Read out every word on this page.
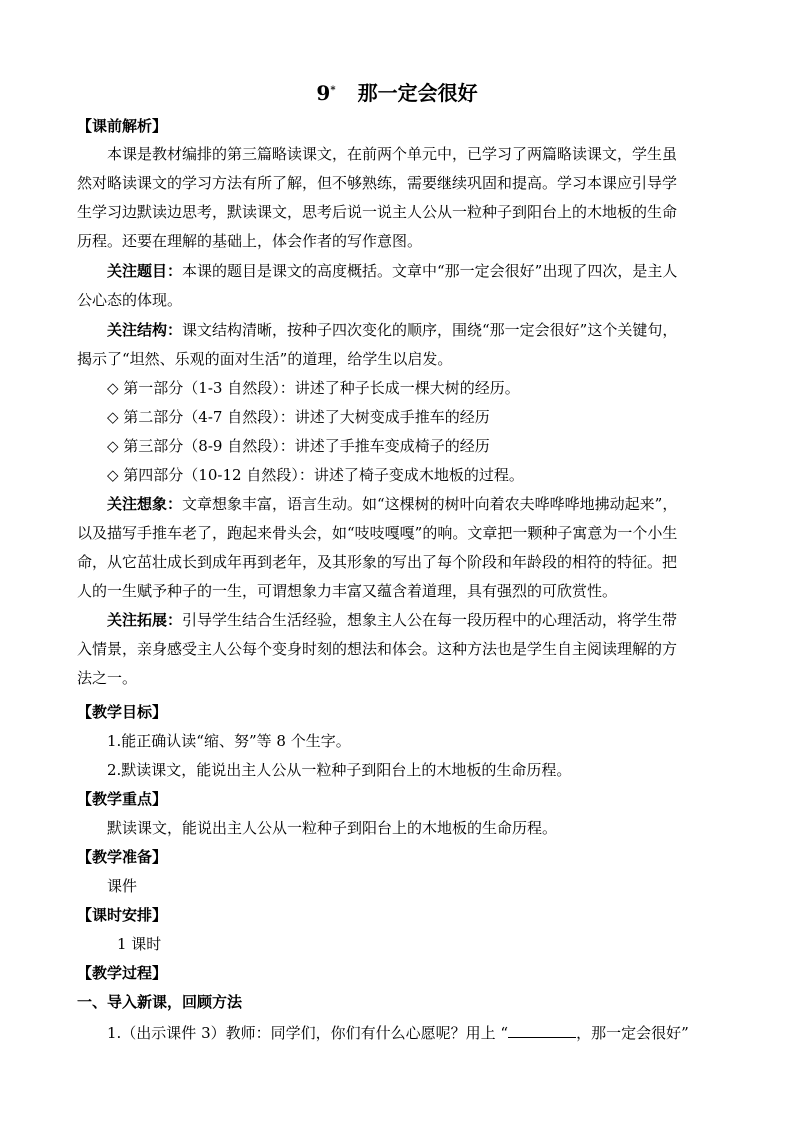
9* 那一定会很好
【课前解析】
本课是教材编排的第三篇略读课文，在前两个单元中，已学习了两篇略读课文，学生虽
然对略读课文的学习方法有所了解，但不够熟练，需要继续巩固和提高。学习本课应引导学
生学习边默读边思考，默读课文，思考后说一说主人公从一粒种子到阳台上的木地板的生命
历程。还要在理解的基础上，体会作者的写作意图。
关注题目：本课的题目是课文的高度概括。文章中“那一定会很好”出现了四次，是主人
公心态的体现。
关注结构：课文结构清晰，按种子四次变化的顺序，围绕“那一定会很好”这个关键句，
揭示了“坦然、乐观的面对生活”的道理，给学生以启发。
◇ 第一部分（1-3 自然段）：讲述了种子长成一棵大树的经历。
◇ 第二部分（4-7 自然段）：讲述了大树变成手推车的经历
◇ 第三部分（8-9 自然段）：讲述了手推车变成椅子的经历
◇ 第四部分（10-12 自然段）：讲述了椅子变成木地板的过程。
关注想象：文章想象丰富，语言生动。如“这棵树的树叶向着农夫哗哗哗地拂动起来”，
以及描写手推车老了，跑起来骨头会，如“吱吱嘎嘎”的响。文章把一颗种子寓意为一个小生
命，从它茁壮成长到成年再到老年，及其形象的写出了每个阶段和年龄段的相符的特征。把
人的一生赋予种子的一生，可谓想象力丰富又蕴含着道理，具有强烈的可欣赏性。
关注拓展：引导学生结合生活经验，想象主人公在每一段历程中的心理活动，将学生带
入情景，亲身感受主人公每个变身时刻的想法和体会。这种方法也是学生自主阅读理解的方
法之一。
【教学目标】
1.能正确认读“缩、努”等 8 个生字。
2.默读课文，能说出主人公从一粒种子到阳台上的木地板的生命历程。
【教学重点】
默读课文，能说出主人公从一粒种子到阳台上的木地板的生命历程。
【教学准备】
课件
【课时安排】
1 课时
【教学过程】
一、导入新课，回顾方法
1.（出示课件 3）教师：同学们，你们有什么心愿呢？用上 “	，那一定会很好”
